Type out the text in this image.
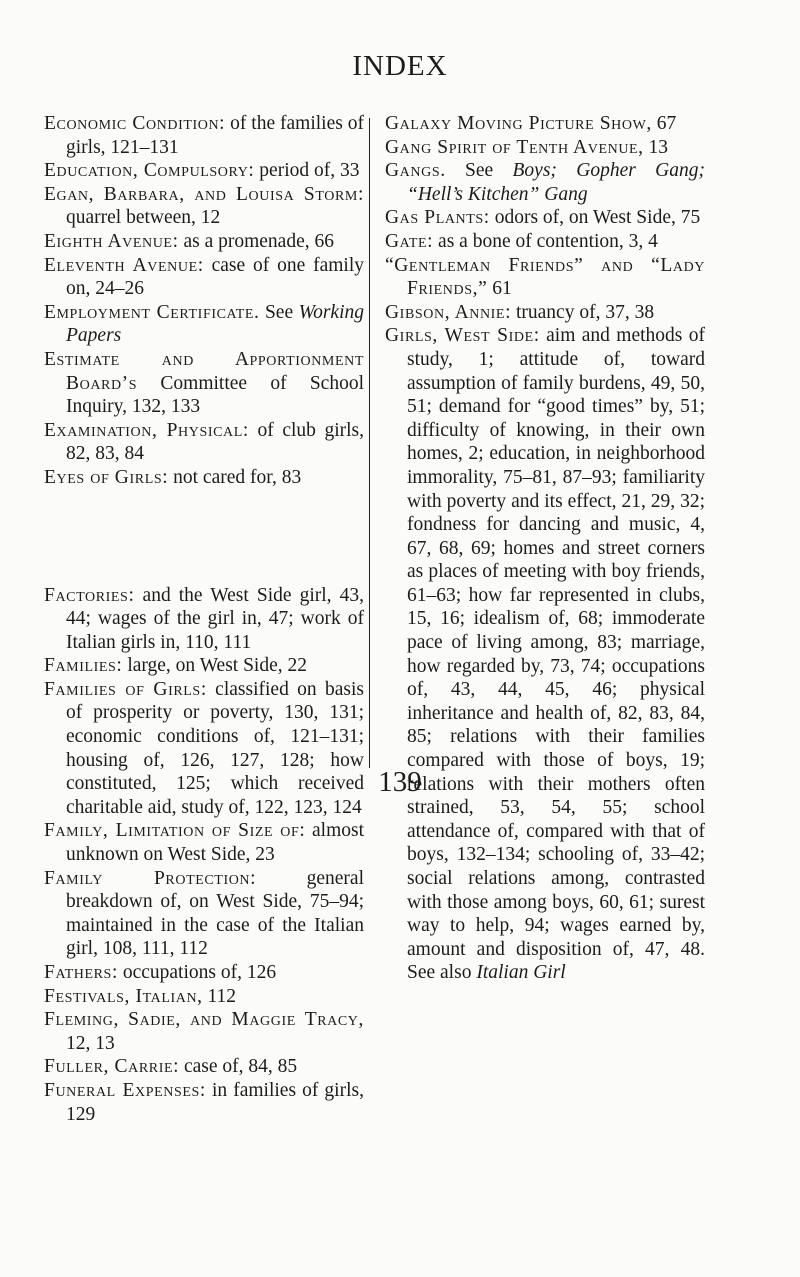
INDEX

Economic Condition: of the families of girls, 121–131

Education, Compulsory: period of, 33

Egan, Barbara, and Louisa Storm: quarrel between, 12

Eighth Avenue: as a promenade, 66

Eleventh Avenue: case of one family on, 24–26

Employment Certificate. See Working Papers

Estimate and Apportionment Board’s Committee of School Inquiry, 132, 133

Examination, Physical: of club girls, 82, 83, 84

Eyes of Girls: not cared for, 83

Factories: and the West Side girl, 43, 44; wages of the girl in, 47; work of Italian girls in, 110, 111

Families: large, on West Side, 22

Families of Girls: classified on basis of prosperity or poverty, 130, 131; economic conditions of, 121–131; housing of, 126, 127, 128; how constituted, 125; which received charitable aid, study of, 122, 123, 124

Family, Limitation of Size of: almost unknown on West Side, 23

Family Protection: general breakdown of, on West Side, 75–94; maintained in the case of the Italian girl, 108, 111, 112

Fathers: occupations of, 126

Festivals, Italian, 112

Fleming, Sadie, and Maggie Tracy, 12, 13

Fuller, Carrie: case of, 84, 85

Funeral Expenses: in families of girls, 129

Galaxy Moving Picture Show, 67

Gang Spirit of Tenth Avenue, 13

Gangs. See Boys; Gopher Gang; “Hell’s Kitchen” Gang

Gas Plants: odors of, on West Side, 75

Gate: as a bone of contention, 3, 4

“Gentleman Friends” and “Lady Friends,” 61

Gibson, Annie: truancy of, 37, 38

Girls, West Side: aim and methods of study, 1; attitude of, toward assumption of family burdens, 49, 50, 51; demand for “good times” by, 51; difficulty of knowing, in their own homes, 2; education, in neighborhood immorality, 75–81, 87–93; familiarity with poverty and its effect, 21, 29, 32; fondness for dancing and music, 4, 67, 68, 69; homes and street corners as places of meeting with boy friends, 61–63; how far represented in clubs, 15, 16; idealism of, 68; immoderate pace of living among, 83; marriage, how regarded by, 73, 74; occupations of, 43, 44, 45, 46; physical inheritance and health of, 82, 83, 84, 85; relations with their families compared with those of boys, 19; relations with their mothers often strained, 53, 54, 55; school attendance of, compared with that of boys, 132–134; schooling of, 33–42; social relations among, contrasted with those among boys, 60, 61; surest way to help, 94; wages earned by, amount and disposition of, 47, 48. See also Italian Girl

139
